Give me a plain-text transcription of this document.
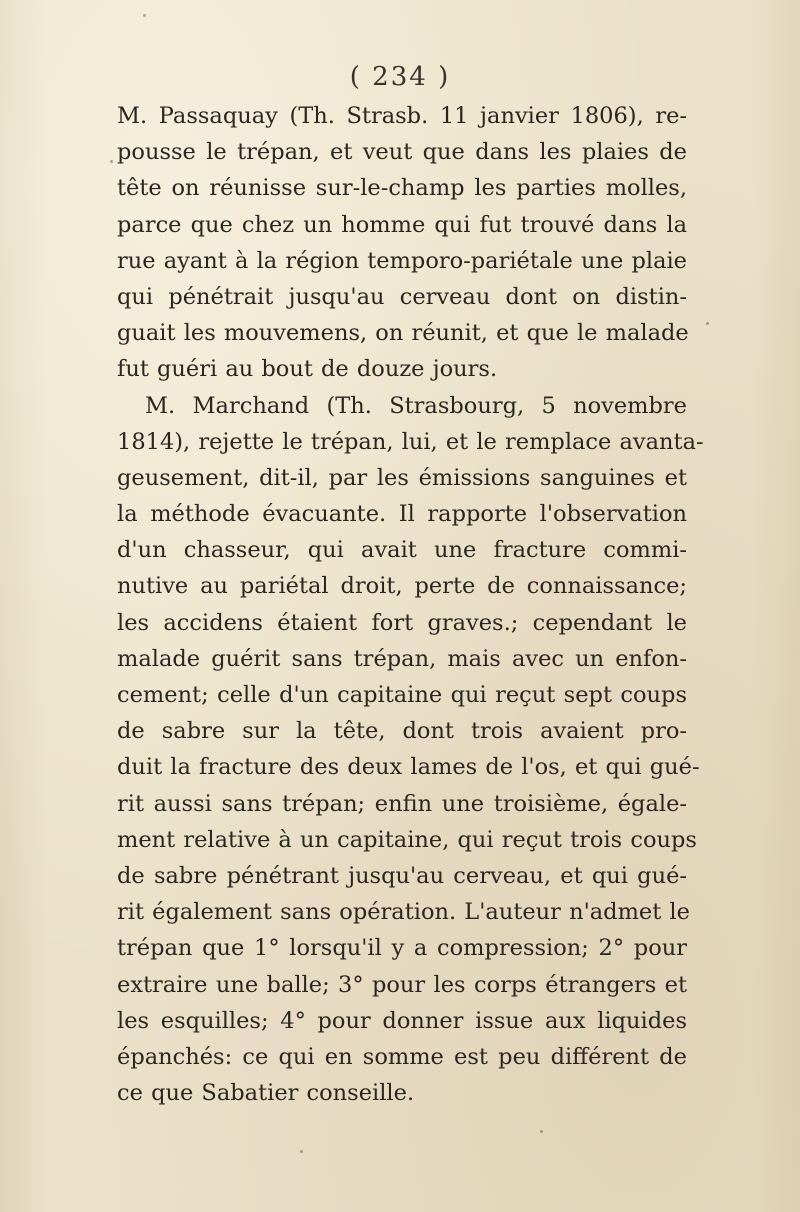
( 234 )
M. Passaquay (Th. Strasb. 11 janvier 1806), re-
pousse le trépan, et veut que dans les plaies de
tête on réunisse sur-le-champ les parties molles,
parce que chez un homme qui fut trouvé dans la
rue ayant à la région temporo-pariétale une plaie
qui pénétrait jusqu'au cerveau dont on distin-
guait les mouvemens, on réunit, et que le malade
fut guéri au bout de douze jours.
M. Marchand (Th. Strasbourg, 5 novembre
1814), rejette le trépan, lui, et le remplace avanta-
geusement, dit-il, par les émissions sanguines et
la méthode évacuante. Il rapporte l'observation
d'un chasseur, qui avait une fracture commi-
nutive au pariétal droit, perte de connaissance;
les accidens étaient fort graves.; cependant le
malade guérit sans trépan, mais avec un enfon-
cement; celle d'un capitaine qui reçut sept coups
de sabre sur la tête, dont trois avaient pro-
duit la fracture des deux lames de l'os, et qui gué-
rit aussi sans trépan; enfin une troisième, égale-
ment relative à un capitaine, qui reçut trois coups
de sabre pénétrant jusqu'au cerveau, et qui gué-
rit également sans opération. L'auteur n'admet le
trépan que 1° lorsqu'il y a compression; 2° pour
extraire une balle; 3° pour les corps étrangers et
les esquilles; 4° pour donner issue aux liquides
épanchés: ce qui en somme est peu différent de
ce que Sabatier conseille.
